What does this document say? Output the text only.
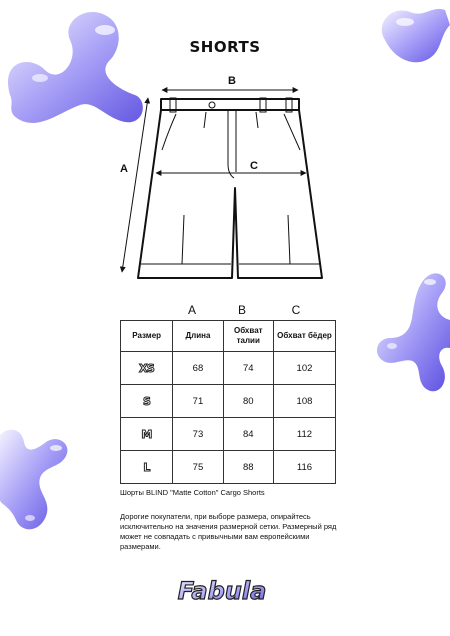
SHORTS
B
A	C
A	B	C
Размер	Длина	Обхват талии	Обхват бёдер
XS	68	74	102
S	71	80	108
M	73	84	112
L	75	88	116
Шорты BLIND "Matte Cotton" Cargo Shorts
Дорогие покупатели, при выборе размера, опирайтесь исключительно на значения размерной сетки. Размерный ряд может не совпадать с привычными вам европейскими размерами.
Fabula
